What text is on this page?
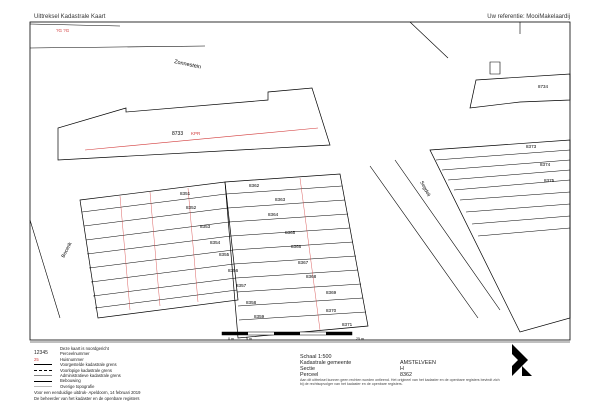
Uittreksel Kadastrale Kaart	Uw referentie: MooiMakelaardij
Zonnestein
?G ?G
8733 KPR
8734
Bocerik
8351
8352
8353
8354
8355
8356
8357
8358
8359
8362
8363
8364
8365
8366
8367
8368
8369
8370
8371
Segdeli
8373
8374
8375
0 m	5 m	25 m
Deze kaart is noordgericht
12345	Perceelnummer
25	Huisnummer
Voorgestelde kadastrale grens
Voorlopige kadastrale grens
Administratieve kadastrale grens
Bebouwing
Overige topografie
Voor een eenduidige uitdruk- Apeldoorn, 14 februari 2019
De beheerder van het kadaster en de openbare registers
Schaal 1:500
Kadastrale gemeente	AMSTELVEEN
Sectie	H
Perceel	8362
Aan dit uittreksel kunnen geen rechten worden ontleend. Het origineel van het kadaster en de openbare registers bevindt zich bij de rechtsopvolger van het kadaster en de openbare registers.
